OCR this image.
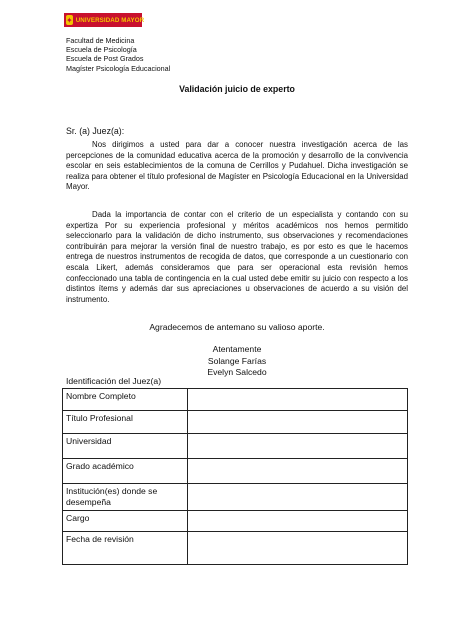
✦ UNIVERSIDAD MAYOR
Facultad de Medicina
Escuela de Psicología
Escuela de Post Grados
Magíster Psicología Educacional
Validación juicio de experto
Sr. (a) Juez(a):
Nos dirigimos a usted para dar a conocer nuestra investigación acerca de las percepciones de la comunidad educativa acerca de la promoción y desarrollo de la convivencia escolar en seis establecimientos de la comuna de Cerrillos y Pudahuel. Dicha investigación se realiza para obtener el título profesional de Magíster en Psicología Educacional en la Universidad Mayor.
Dada la importancia de contar con el criterio de un especialista y contando con su expertiza Por su experiencia profesional y méritos académicos nos hemos permitido seleccionarlo para la validación de dicho instrumento, sus observaciones y recomendaciones contribuirán para mejorar la versión final de nuestro trabajo, es por esto es que le hacemos entrega de nuestros instrumentos de recogida de datos, que corresponde a un cuestionario con escala Likert, además consideramos que para ser operacional esta revisión hemos confeccionado una tabla de contingencia en la cual usted debe emitir su juicio con respecto a los distintos ítems y además dar sus apreciaciones u observaciones de acuerdo a su visión del instrumento.
Agradecemos de antemano su valioso aporte.
Atentamente
Solange Farías
Evelyn Salcedo
Identificación del Juez(a)
Nombre Completo	
Título Profesional	
Universidad	
Grado académico	
Institución(es) donde se desempeña	
Cargo	
Fecha de revisión	
